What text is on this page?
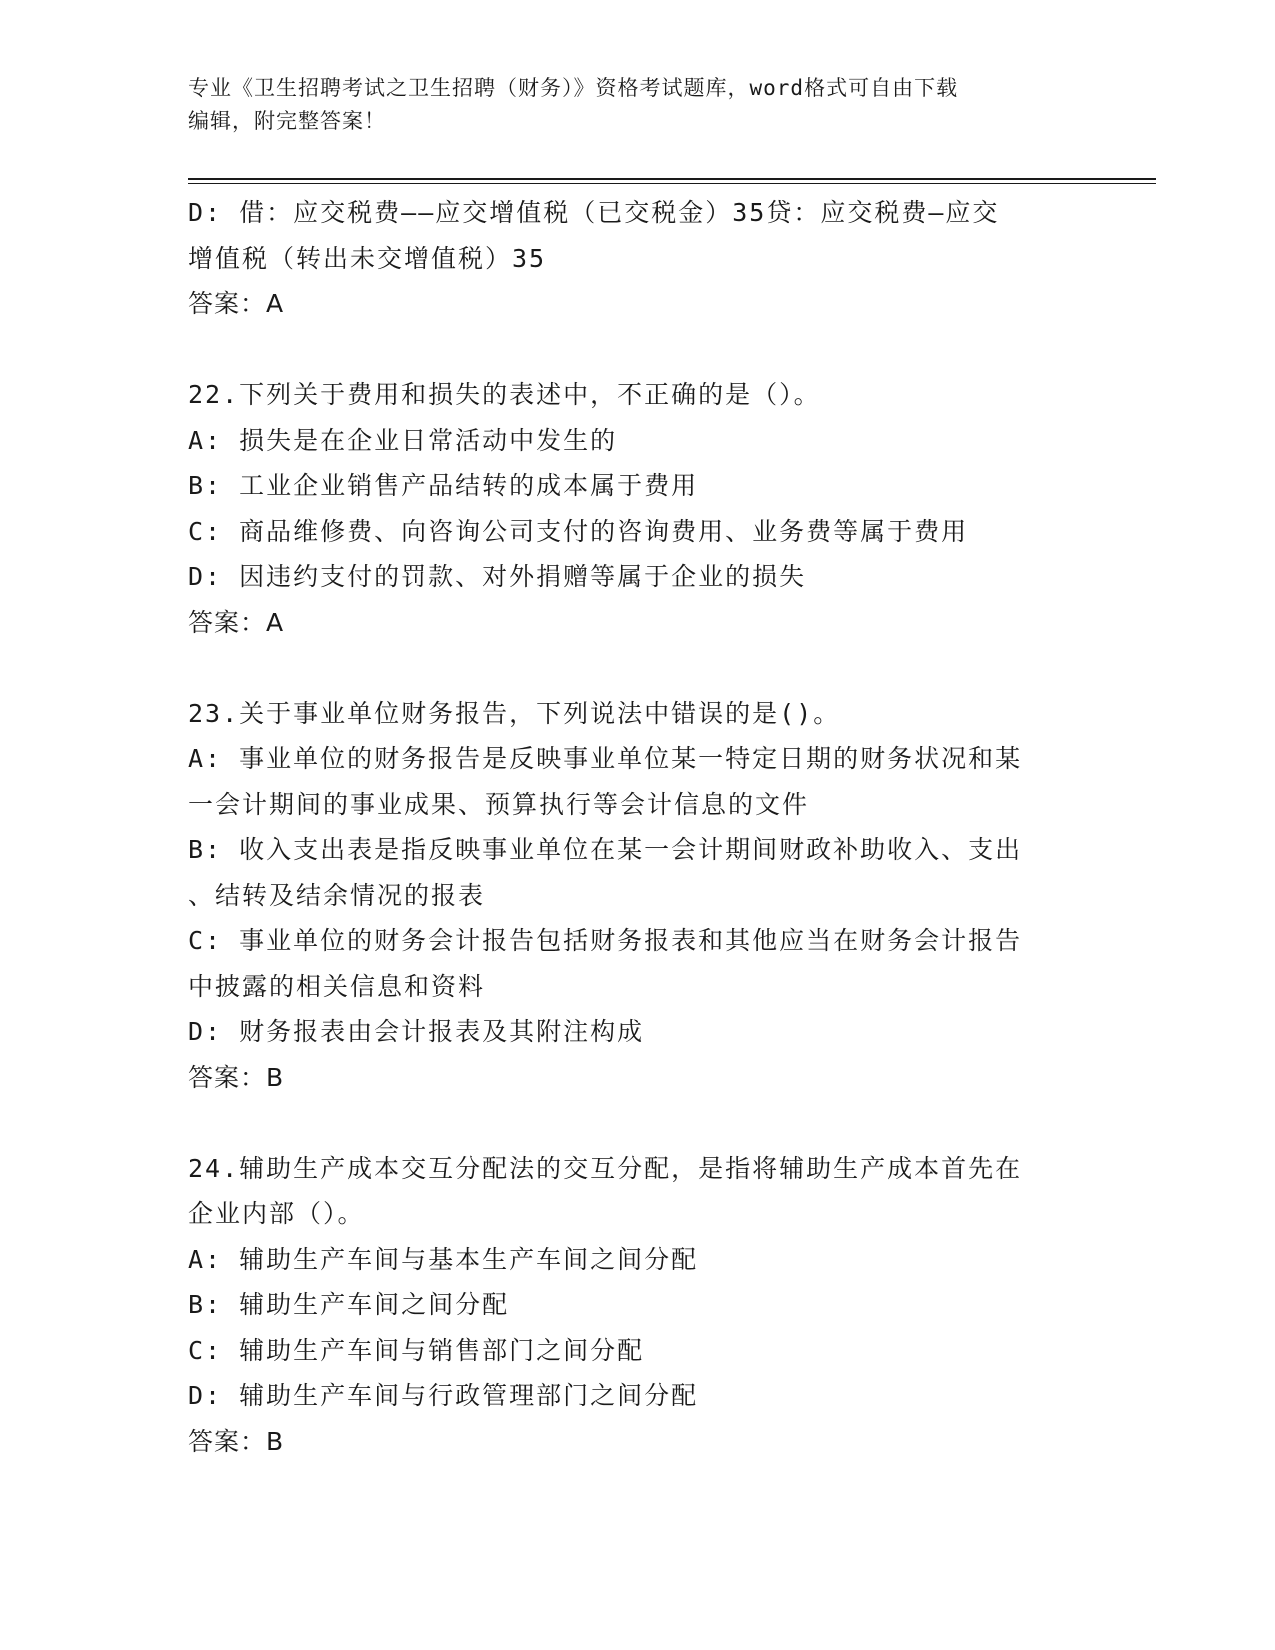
专业《卫生招聘考试之卫生招聘（财务）》资格考试题库，word格式可自由下载
编辑，附完整答案！
D: 借：应交税费——应交增值税（已交税金）35贷：应交税费—应交
增值税（转出未交增值税）35
答案：A
22.下列关于费用和损失的表述中，不正确的是（）。
A: 损失是在企业日常活动中发生的
B: 工业企业销售产品结转的成本属于费用
C: 商品维修费、向咨询公司支付的咨询费用、业务费等属于费用
D: 因违约支付的罚款、对外捐赠等属于企业的损失
答案：A
23.关于事业单位财务报告，下列说法中错误的是()。
A: 事业单位的财务报告是反映事业单位某一特定日期的财务状况和某
一会计期间的事业成果、预算执行等会计信息的文件
B: 收入支出表是指反映事业单位在某一会计期间财政补助收入、支出
、结转及结余情况的报表
C: 事业单位的财务会计报告包括财务报表和其他应当在财务会计报告
中披露的相关信息和资料
D: 财务报表由会计报表及其附注构成
答案：B
24.辅助生产成本交互分配法的交互分配，是指将辅助生产成本首先在
企业内部（）。
A: 辅助生产车间与基本生产车间之间分配
B: 辅助生产车间之间分配
C: 辅助生产车间与销售部门之间分配
D: 辅助生产车间与行政管理部门之间分配
答案：B
